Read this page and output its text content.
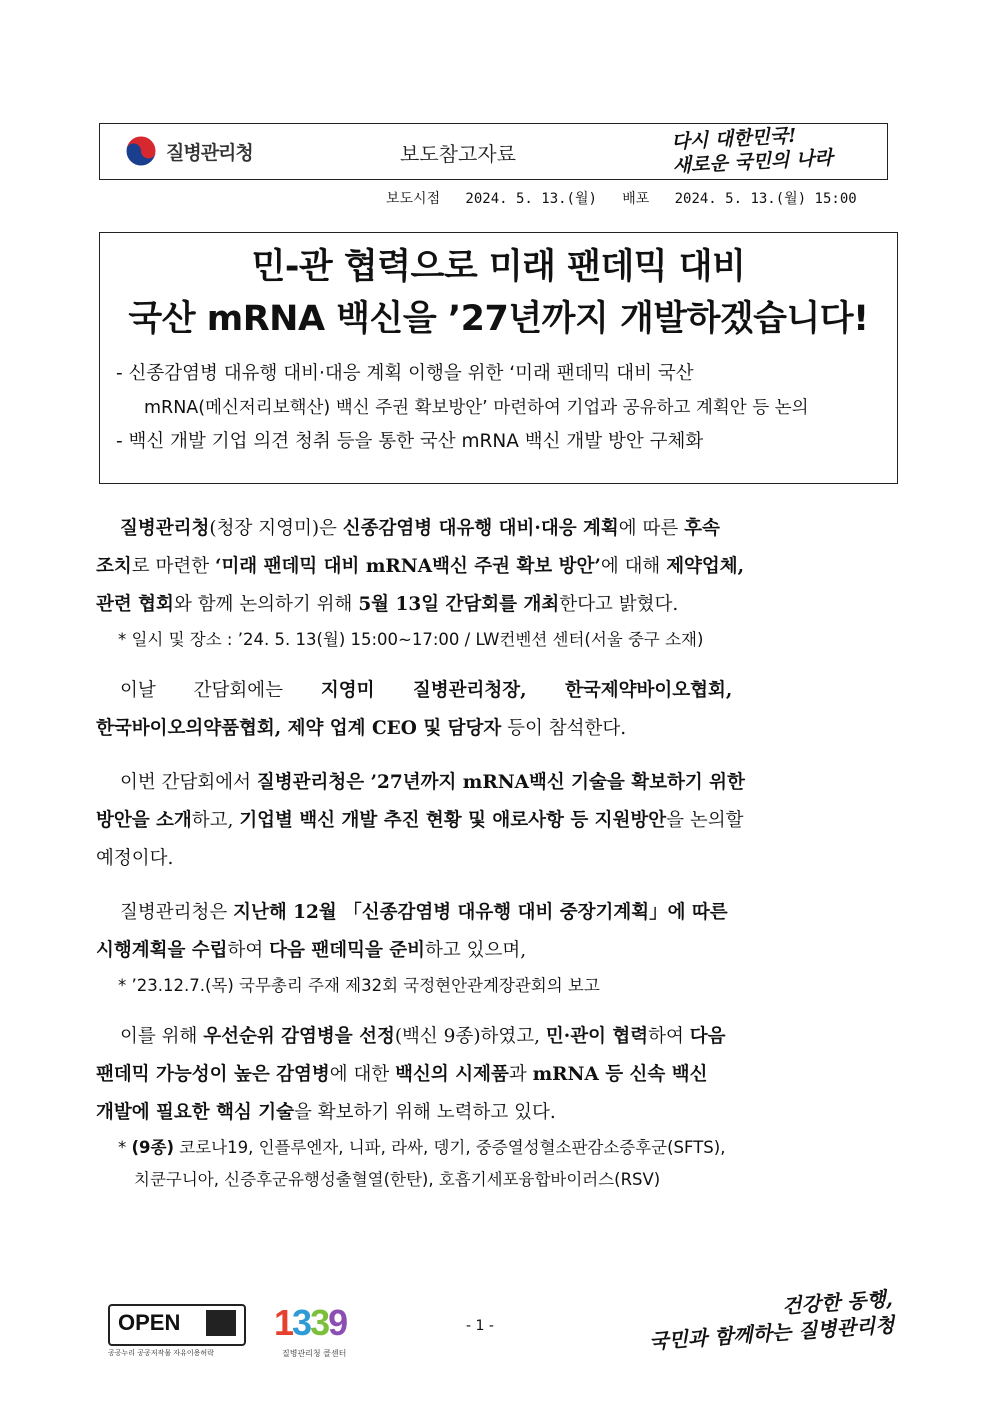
질병관리청	보도참고자료
다시 대한민국!
새로운 국민의 나라
보도시점 2024. 5. 13.(월) 배포 2024. 5. 13.(월) 15:00
민-관 협력으로 미래 팬데믹 대비
국산 mRNA 백신을 ’27년까지 개발하겠습니다!
- 신종감염병 대유행 대비·대응 계획 이행을 위한 ‘미래 팬데믹 대비 국산
mRNA(메신저리보핵산) 백신 주권 확보방안’ 마련하여 기업과 공유하고 계획안 등 논의
- 백신 개발 기업 의견 청취 등을 통한 국산 mRNA 백신 개발 방안 구체화

질병관리청(청장 지영미)은 신종감염병 대유행 대비·대응 계획에 따른 후속
조치로 마련한 ‘미래 팬데믹 대비 mRNA백신 주권 확보 방안’에 대해 제약업체,
관련 협회와 함께 논의하기 위해 5월 13일 간담회를 개최한다고 밝혔다.

* 일시 및 장소 : ’24. 5. 13(월) 15:00∼17:00 / LW컨벤션 센터(서울 중구 소재)

이날 간담회에는 지영미 질병관리청장, 한국제약바이오협회,
한국바이오의약품협회, 제약 업계 CEO 및 담당자 등이 참석한다.

이번 간담회에서 질병관리청은 ’27년까지 mRNA백신 기술을 확보하기 위한
방안을 소개하고, 기업별 백신 개발 추진 현황 및 애로사항 등 지원방안을 논의할
예정이다.

질병관리청은 지난해 12월 「신종감염병 대유행 대비 중장기계획」에 따른
시행계획을 수립하여 다음 팬데믹을 준비하고 있으며,

* ’23.12.7.(목) 국무총리 주재 제32회 국정현안관계장관회의 보고

이를 위해 우선순위 감염병을 선정(백신 9종)하였고, 민·관이 협력하여 다음
팬데믹 가능성이 높은 감염병에 대한 백신의 시제품과 mRNA 등 신속 백신
개발에 필요한 핵심 기술을 확보하기 위해 노력하고 있다.

* (9종) 코로나19, 인플루엔자, 니파, 라싸, 뎅기, 중증열성혈소판감소증후군(SFTS),
치쿤구니아, 신증후군유행성출혈열(한탄), 호흡기세포융합바이러스(RSV)
OPEN
공공누리 공공저작물 자유이용허락
1339
질병관리청 콜센터
- 1 -
건강한 동행,
국민과 함께하는 질병관리청
